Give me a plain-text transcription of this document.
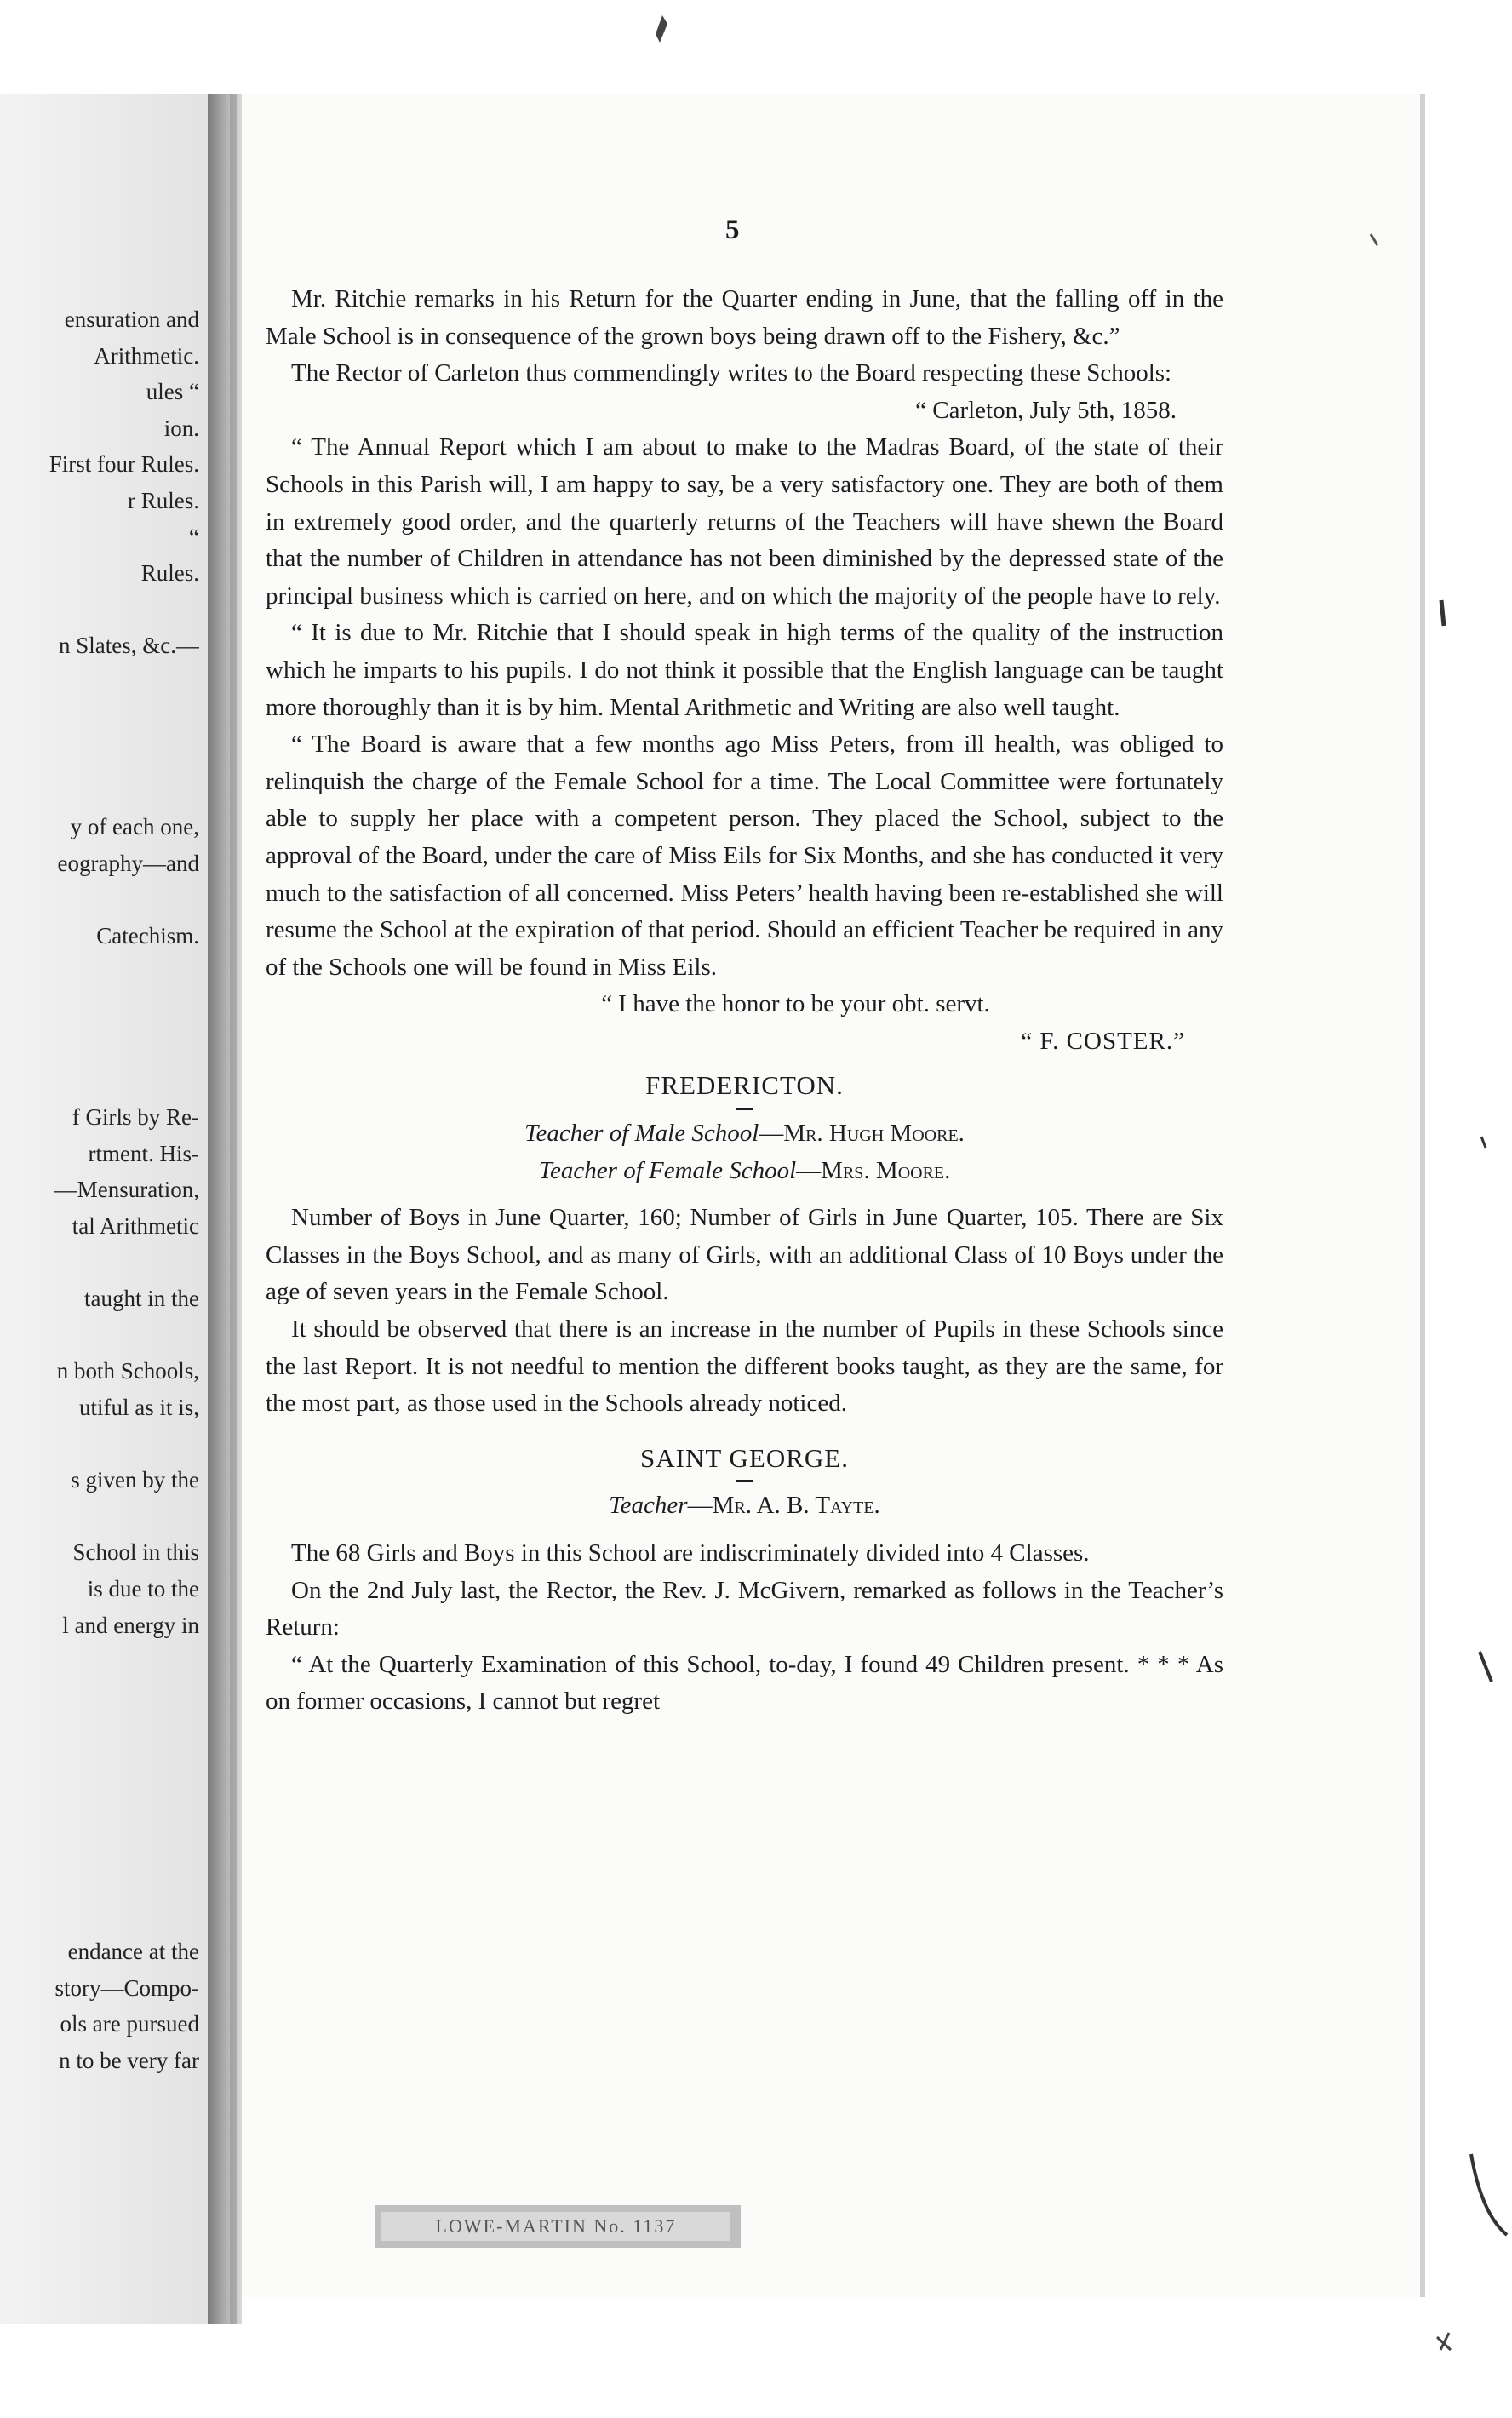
ensuration and
Arithmetic.
ules “
ion.
First four Rules.
r Rules.
“
Rules.
n Slates, &c.—
y of each one,
eography—and
Catechism.
f Girls by Re-
rtment. His-
—Mensuration,
tal Arithmetic
taught in the
n both Schools,
utiful as it is,
s given by the
School in this
is due to the
l and energy in
endance at the
story—Compo-
ols are pursued
n to be very far
5
Mr. Ritchie remarks in his Return for the Quarter ending in June, that the falling off in the Male School is in consequence of the grown boys being drawn off to the Fishery, &c.”
The Rector of Carleton thus commendingly writes to the Board respecting these Schools:
“ Carleton, July 5th, 1858.
“ The Annual Report which I am about to make to the Madras Board, of the state of their Schools in this Parish will, I am happy to say, be a very satisfactory one. They are both of them in extremely good order, and the quarterly returns of the Teachers will have shewn the Board that the number of Children in attendance has not been diminished by the depressed state of the principal business which is carried on here, and on which the majority of the people have to rely.
“ It is due to Mr. Ritchie that I should speak in high terms of the quality of the instruction which he imparts to his pupils. I do not think it possible that the English language can be taught more thoroughly than it is by him. Mental Arithmetic and Writing are also well taught.
“ The Board is aware that a few months ago Miss Peters, from ill health, was obliged to relinquish the charge of the Female School for a time. The Local Committee were fortunately able to supply her place with a competent person. They placed the School, subject to the approval of the Board, under the care of Miss Eils for Six Months, and she has conducted it very much to the satisfaction of all concerned. Miss Peters’ health having been re-established she will resume the School at the expiration of that period. Should an efficient Teacher be required in any of the Schools one will be found in Miss Eils.
“ I have the honor to be your obt. servt.
“ F. COSTER.”
FREDERICTON.
Teacher of Male School—Mr. Hugh Moore.
Teacher of Female School—Mrs. Moore.
Number of Boys in June Quarter, 160; Number of Girls in June Quarter, 105. There are Six Classes in the Boys School, and as many of Girls, with an additional Class of 10 Boys under the age of seven years in the Female School.
It should be observed that there is an increase in the number of Pupils in these Schools since the last Report. It is not needful to mention the different books taught, as they are the same, for the most part, as those used in the Schools already noticed.
SAINT GEORGE.
Teacher—Mr. A. B. Tayte.
The 68 Girls and Boys in this School are indiscriminately divided into 4 Classes.
On the 2nd July last, the Rector, the Rev. J. McGivern, remarked as follows in the Teacher’s Return:
“ At the Quarterly Examination of this School, to-day, I found 49 Children present. * * * As on former occasions, I cannot but regret
LOWE-MARTIN No. 1137
